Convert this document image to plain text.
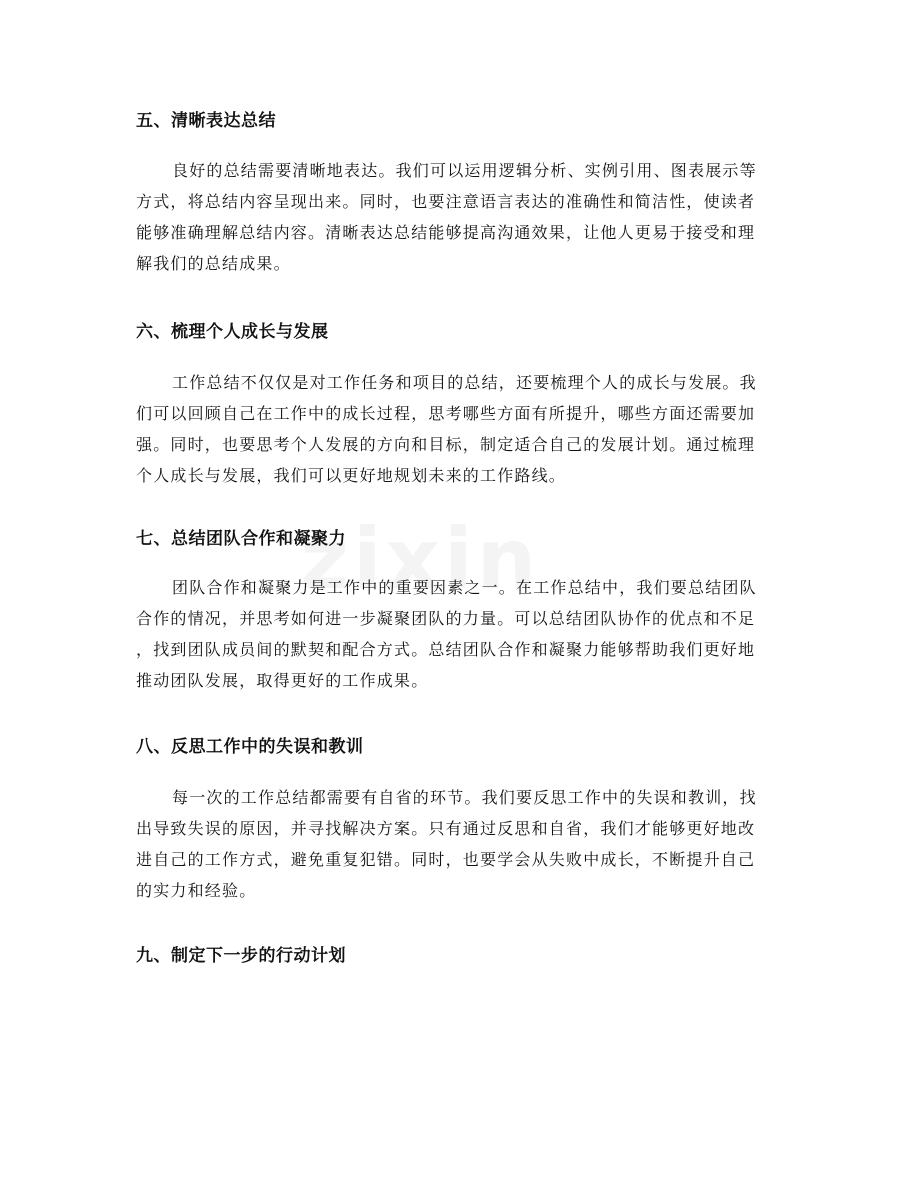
五、清晰表达总结
良好的总结需要清晰地表达。我们可以运用逻辑分析、实例引用、图表展示等
方式，将总结内容呈现出来。同时，也要注意语言表达的准确性和简洁性，使读者
能够准确理解总结内容。清晰表达总结能够提高沟通效果，让他人更易于接受和理
解我们的总结成果。
六、梳理个人成长与发展
工作总结不仅仅是对工作任务和项目的总结，还要梳理个人的成长与发展。我
们可以回顾自己在工作中的成长过程，思考哪些方面有所提升，哪些方面还需要加
强。同时，也要思考个人发展的方向和目标，制定适合自己的发展计划。通过梳理
个人成长与发展，我们可以更好地规划未来的工作路线。
七、总结团队合作和凝聚力
团队合作和凝聚力是工作中的重要因素之一。在工作总结中，我们要总结团队
合作的情况，并思考如何进一步凝聚团队的力量。可以总结团队协作的优点和不足
，找到团队成员间的默契和配合方式。总结团队合作和凝聚力能够帮助我们更好地
推动团队发展，取得更好的工作成果。
八、反思工作中的失误和教训
每一次的工作总结都需要有自省的环节。我们要反思工作中的失误和教训，找
出导致失误的原因，并寻找解决方案。只有通过反思和自省，我们才能够更好地改
进自己的工作方式，避免重复犯错。同时，也要学会从失败中成长，不断提升自己
的实力和经验。
九、制定下一步的行动计划
